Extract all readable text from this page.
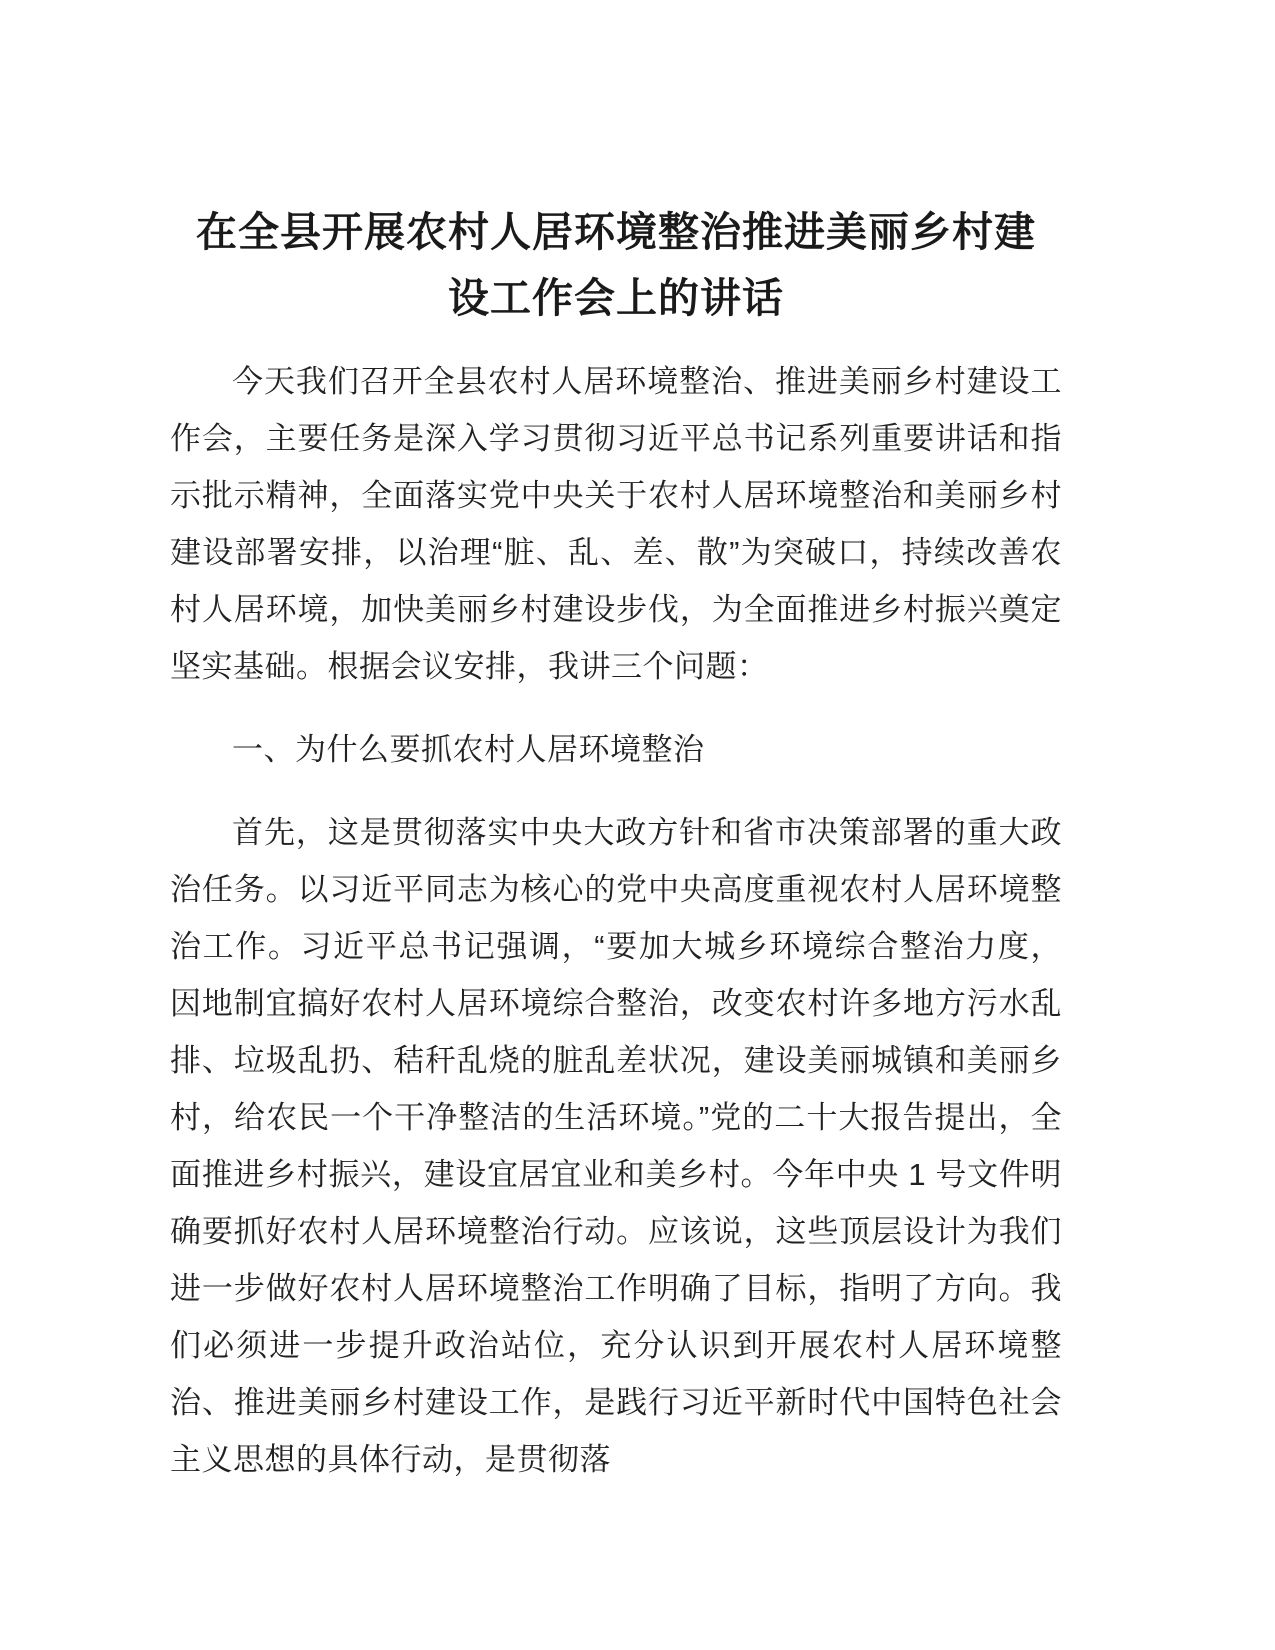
在全县开展农村人居环境整治推进美丽乡村建设工作会上的讲话

今天我们召开全县农村人居环境整治、推进美丽乡村建设工作会，主要任务是深入学习贯彻习近平总书记系列重要讲话和指示批示精神，全面落实党中央关于农村人居环境整治和美丽乡村建设部署安排，以治理“脏、乱、差、散”为突破口，持续改善农村人居环境，加快美丽乡村建设步伐，为全面推进乡村振兴奠定坚实基础。根据会议安排，我讲三个问题：

一、为什么要抓农村人居环境整治

首先，这是贯彻落实中央大政方针和省市决策部署的重大政治任务。以习近平同志为核心的党中央高度重视农村人居环境整治工作。习近平总书记强调，“要加大城乡环境综合整治力度，因地制宜搞好农村人居环境综合整治，改变农村许多地方污水乱排、垃圾乱扔、秸秆乱烧的脏乱差状况，建设美丽城镇和美丽乡村，给农民一个干净整洁的生活环境。”党的二十大报告提出，全面推进乡村振兴，建设宜居宜业和美乡村。今年中央 1 号文件明确要抓好农村人居环境整治行动。应该说，这些顶层设计为我们进一步做好农村人居环境整治工作明确了目标，指明了方向。我们必须进一步提升政治站位，充分认识到开展农村人居环境整治、推进美丽乡村建设工作，是践行习近平新时代中国特色社会主义思想的具体行动，是贯彻落
